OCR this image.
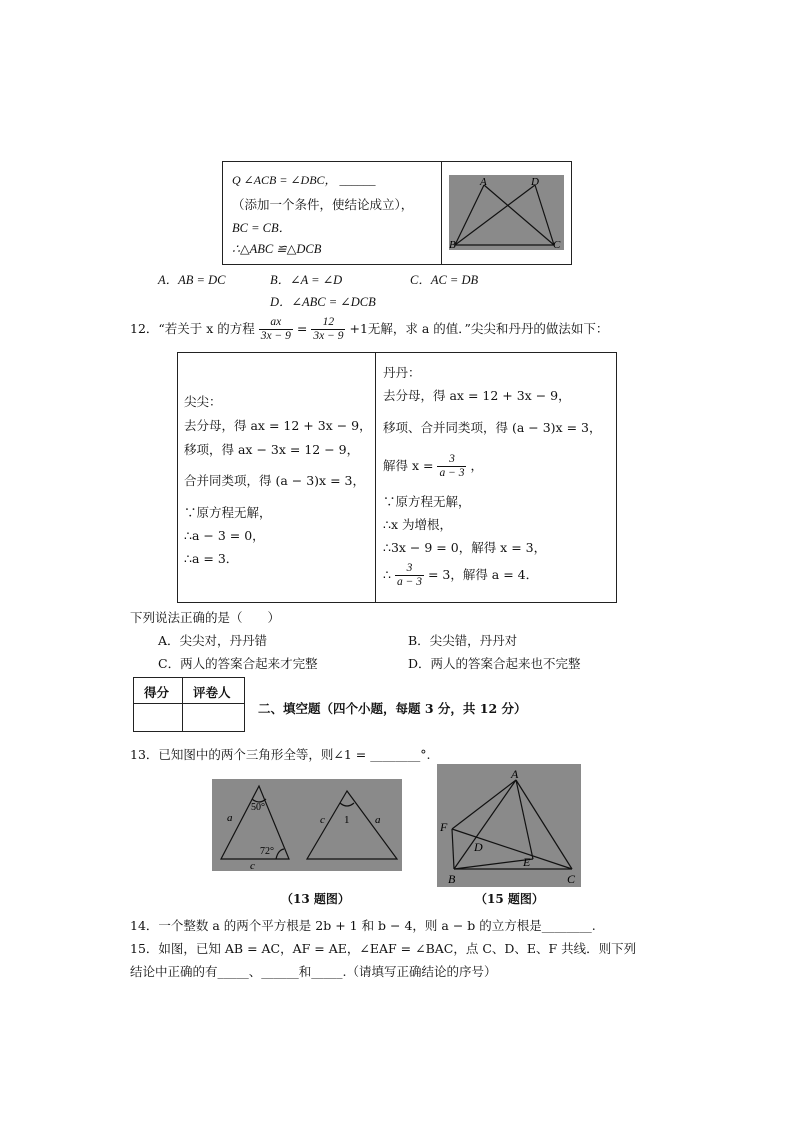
Q ∠ACB = ∠DBC， ______
（添加一个条件，使结论成立），
BC = CB．
∴△ABC ≌△DCB
A	D
B	C
A．AB = DC	B．∠A = ∠D	C．AC = DB
D．∠ABC = ∠DCB
12．“若关于 x 的方程 $\frac{ax}{3x - 9} = \frac{12}{3x - 9} +1$无解，求 a 的值．”尖尖和丹丹的做法如下：
尖尖：
去分母，得 ax = 12 + 3x − 9，
移项，得 ax − 3x = 12 − 9，
合并同类项，得 (a − 3)x = 3，
∵原方程无解，
∴a − 3 = 0，
∴a = 3．
丹丹：
去分母，得 ax = 12 + 3x − 9，
移项、合并同类项，得 (a − 3)x = 3，
解得 $x = \frac{3}{a - 3}$ ，
∵原方程无解，
∴x 为增根，
∴3x − 9 = 0，解得 x = 3，
∴ $\frac{3}{a - 3} = 3$，解得 a = 4．
下列说法正确的是（　　）
A．尖尖对，丹丹错	B．尖尖错，丹丹对
C．两人的答案合起来才完整	D．两人的答案合起来也不完整
得分 评卷人
二、填空题（四个小题，每题 3 分，共 12 分）
13．已知图中的两个三角形全等，则∠1 = ________°.
a
50°
72°
c
c 1 a
（13 题图）
A
F
D
E
B	C
（15 题图）
14．一个整数 a 的两个平方根是 2b + 1 和 b − 4，则 a − b 的立方根是________.
15．如图，已知 AB = AC，AF = AE，∠EAF = ∠BAC，点 C、D、E、F 共线．则下列
结论中正确的有_____、______和_____.（请填写正确结论的序号）
